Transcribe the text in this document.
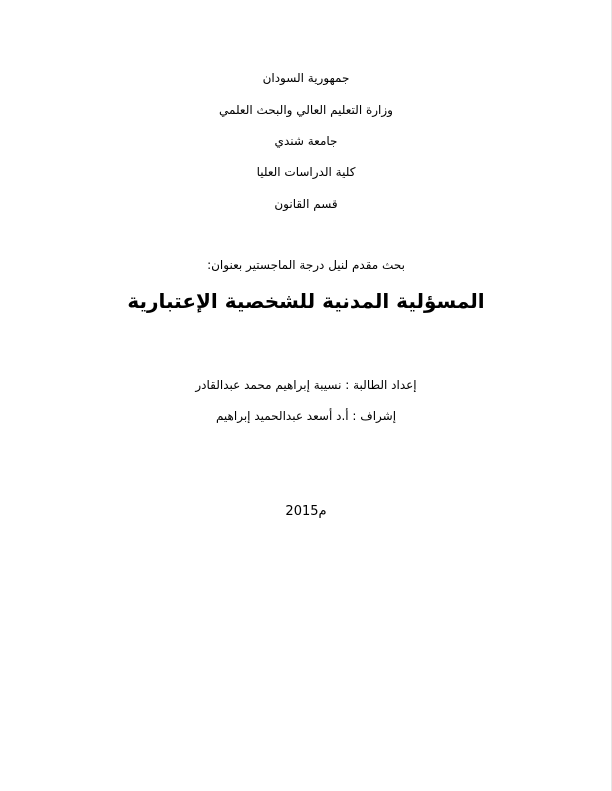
جمهورية السودان
وزارة التعليم العالي والبحث العلمي
جامعة شندي
كلية الدراسات العليا
قسم القانون
بحث مقدم لنيل درجة الماجستير بعنوان:
المسؤلية المدنية للشخصية الإعتبارية
إعداد الطالبة : نسيبة إبراهيم محمد عبدالقادر
إشراف : أ.د أسعد عبدالحميد إبراهيم
2015م
